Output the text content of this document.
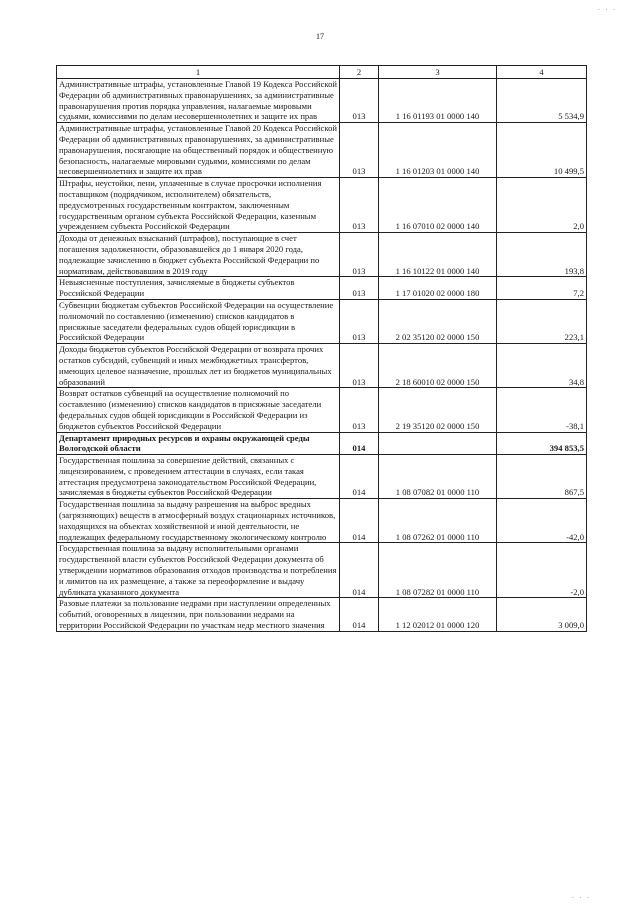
17
. . .
. . .
1	2	3	4
Административные штрафы, установленные Главой 19 Кодекса Российской Федерации об административных правонарушениях, за административные правонарушения против порядка управления, налагаемые мировыми судьями, комиссиями по делам несовершеннолетних и защите их прав	013	1 16 01193 01 0000 140	5 534,9
Административные штрафы, установленные Главой 20 Кодекса Российской Федерации об административных правонарушениях, за административные правонарушения, посягающие на общественный порядок и общественную безопасность, налагаемые мировыми судьями, комиссиями по делам несовершеннолетних и защите их прав	013	1 16 01203 01 0000 140	10 499,5
Штрафы, неустойки, пени, уплаченные в случае просрочки исполнения поставщиком (подрядчиком, исполнителем) обязательств, предусмотренных государственным контрактом, заключенным государственным органом субъекта Российской Федерации, казенным учреждением субъекта Российской Федерации	013	1 16 07010 02 0000 140	2,0
Доходы от денежных взысканий (штрафов), поступающие в счет погашения задолженности, образовавшейся до 1 января 2020 года, подлежащие зачислению в бюджет субъекта Российской Федерации по нормативам, действовавшим в 2019 году	013	1 16 10122 01 0000 140	193,8
Невыясненные поступления, зачисляемые в бюджеты субъектов Российской Федерации	013	1 17 01020 02 0000 180	7,2
Субвенции бюджетам субъектов Российской Федерации на осуществление полномочий по составлению (изменению) списков кандидатов в присяжные заседатели федеральных судов общей юрисдикции в Российской Федерации	013	2 02 35120 02 0000 150	223,1
Доходы бюджетов субъектов Российской Федерации от возврата прочих остатков субсидий, субвенций и иных межбюджетных трансфертов, имеющих целевое назначение, прошлых лет из бюджетов муниципальных образований	013	2 18 60010 02 0000 150	34,8
Возврат остатков субвенций на осуществление полномочий по составлению (изменению) списков кандидатов в присяжные заседатели федеральных судов общей юрисдикции в Российской Федерации из бюджетов субъектов Российской Федерации	013	2 19 35120 02 0000 150	-38,1
Департамент природных ресурсов и охраны окружающей среды Вологодской области	014		394 853,5
Государственная пошлина за совершение действий, связанных с лицензированием, с проведением аттестации в случаях, если такая аттестация предусмотрена законодательством Российской Федерации, зачисляемая в бюджеты субъектов Российской Федерации	014	1 08 07082 01 0000 110	867,5
Государственная пошлина за выдачу разрешения на выброс вредных (загрязняющих) веществ в атмосферный воздух стационарных источников, находящихся на объектах хозяйственной и иной деятельности, не подлежащих федеральному государственному экологическому контролю	014	1 08 07262 01 0000 110	-42,0
Государственная пошлина за выдачу исполнительными органами государственной власти субъектов Российской Федерации документа об утверждении нормативов образования отходов производства и потребления и лимитов на их размещение, а также за переоформление и выдачу дубликата указанного документа	014	1 08 07282 01 0000 110	-2,0
Разовые платежи за пользование недрами при наступлении определенных событий, оговоренных в лицензии, при пользовании недрами на территории Российской Федерации по участкам недр местного значения	014	1 12 02012 01 0000 120	3 009,0
